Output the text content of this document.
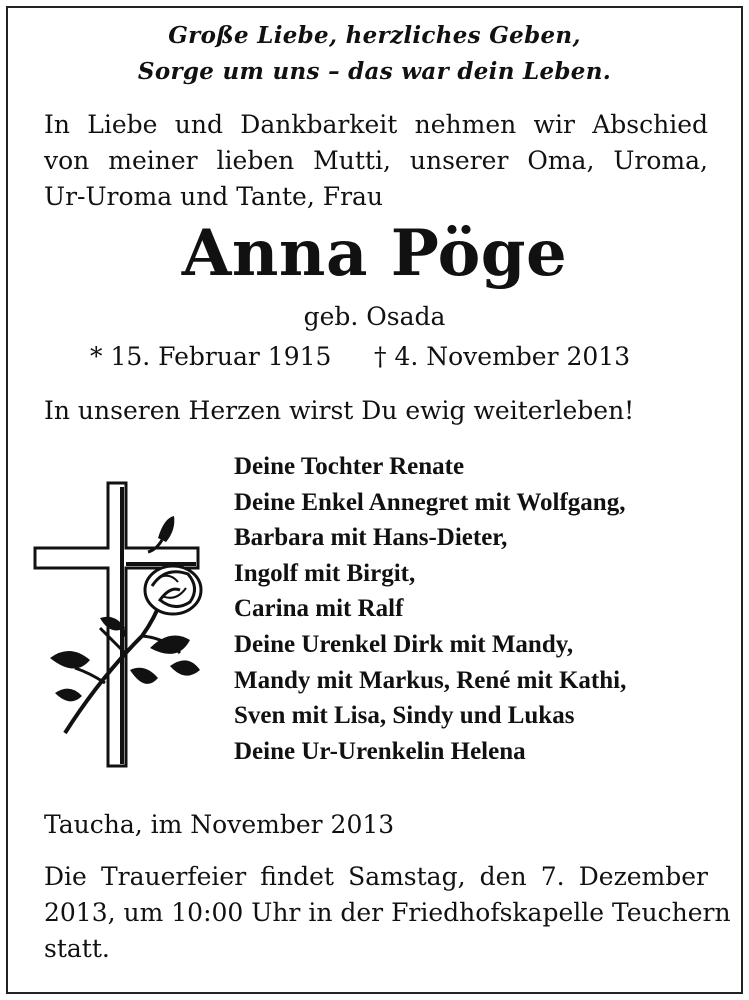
Große Liebe, herzliches Geben,
Sorge um uns – das war dein Leben.
In Liebe und Dankbarkeit nehmen wir Abschied
von meiner lieben Mutti, unserer Oma, Uroma,
Ur-Uroma und Tante, Frau
Anna Pöge
geb. Osada
* 15. Februar 1915 † 4. November 2013
In unseren Herzen wirst Du ewig weiterleben!
Deine Tochter Renate
Deine Enkel Annegret mit Wolfgang,
Barbara mit Hans-Dieter,
Ingolf mit Birgit,
Carina mit Ralf
Deine Urenkel Dirk mit Mandy,
Mandy mit Markus, René mit Kathi,
Sven mit Lisa, Sindy und Lukas
Deine Ur-Urenkelin Helena
Taucha, im November 2013
Die Trauerfeier findet Samstag, den 7. Dezember
2013, um 10:00 Uhr in der Friedhofskapelle Teuchern
statt.
